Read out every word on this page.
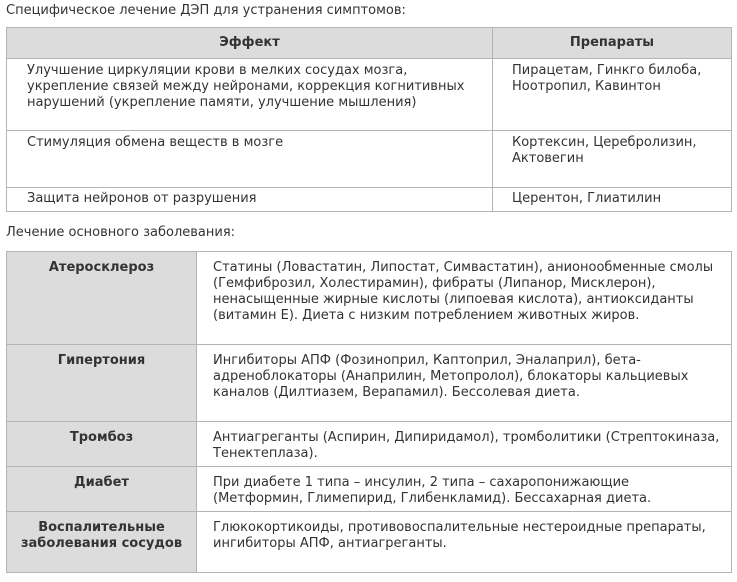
Специфическое лечение ДЭП для устранения симптомов:
Эффект	Препараты
Улучшение циркуляции крови в мелких сосудах мозга, укрепление связей между нейронами, коррекция когнитивных нарушений (укрепление памяти, улучшение мышления)	Пирацетам, Гинкго билоба, Ноотропил, Кавинтон
Стимуляция обмена веществ в мозге	Кортексин, Церебролизин, Актовегин
Защита нейронов от разрушения	Церентон, Глиатилин
Лечение основного заболевания:
Атеросклероз	Статины (Ловастатин, Липостат, Симвастатин), анионообменные смолы (Гемфиброзил, Холестирамин), фибраты (Липанор, Мисклерон), ненасыщенные жирные кислоты (липоевая кислота), антиоксиданты (витамин Е). Диета с низким потреблением животных жиров.
Гипертония	Ингибиторы АПФ (Фозиноприл, Каптоприл, Эналаприл), бета-адреноблокаторы (Анаприлин, Метопролол), блокаторы кальциевых каналов (Дилтиазем, Верапамил). Бессолевая диета.
Тромбоз	Антиагреганты (Аспирин, Дипиридамол), тромболитики (Стрептокиназа, Тенектеплаза).
Диабет	При диабете 1 типа – инсулин, 2 типа – сахаропонижающие (Метформин, Глимепирид, Глибенкламид). Бессахарная диета.
Воспалительные заболевания сосудов	Глюкокортикоиды, противовоспалительные нестероидные препараты, ингибиторы АПФ, антиагреганты.
